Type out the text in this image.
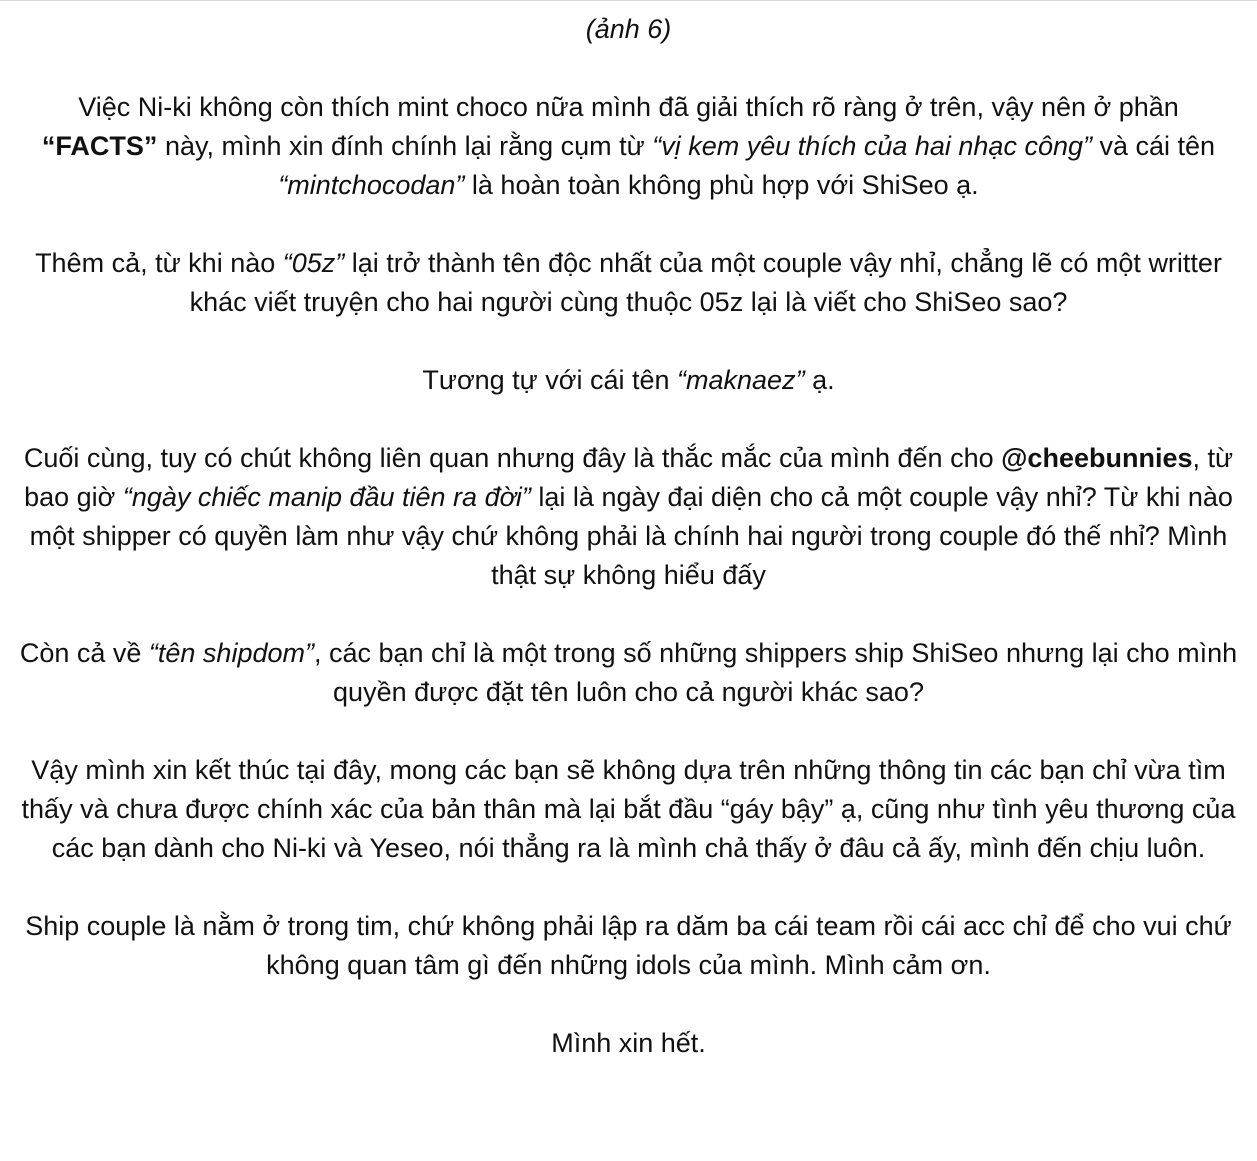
(ảnh 6)

Việc Ni-ki không còn thích mint choco nữa mình đã giải thích rõ ràng ở trên, vậy nên ở phần “FACTS” này, mình xin đính chính lại rằng cụm từ “vị kem yêu thích của hai nhạc công” và cái tên “mintchocodan” là hoàn toàn không phù hợp với ShiSeo ạ.

Thêm cả, từ khi nào “05z” lại trở thành tên độc nhất của một couple vậy nhỉ, chẳng lẽ có một writter khác viết truyện cho hai người cùng thuộc 05z lại là viết cho ShiSeo sao?

Tương tự với cái tên “maknaez” ạ.

Cuối cùng, tuy có chút không liên quan nhưng đây là thắc mắc của mình đến cho @cheebunnies, từ bao giờ “ngày chiếc manip đầu tiên ra đời” lại là ngày đại diện cho cả một couple vậy nhỉ? Từ khi nào một shipper có quyền làm như vậy chứ không phải là chính hai người trong couple đó thế nhỉ? Mình thật sự không hiểu đấy

Còn cả về “tên shipdom”, các bạn chỉ là một trong số những shippers ship ShiSeo nhưng lại cho mình quyền được đặt tên luôn cho cả người khác sao?

Vậy mình xin kết thúc tại đây, mong các bạn sẽ không dựa trên những thông tin các bạn chỉ vừa tìm thấy và chưa được chính xác của bản thân mà lại bắt đầu “gáy bậy” ạ, cũng như tình yêu thương của các bạn dành cho Ni-ki và Yeseo, nói thẳng ra là mình chả thấy ở đâu cả ấy, mình đến chịu luôn.

Ship couple là nằm ở trong tim, chứ không phải lập ra dăm ba cái team rồi cái acc chỉ để cho vui chứ không quan tâm gì đến những idols của mình. Mình cảm ơn.

Mình xin hết.
